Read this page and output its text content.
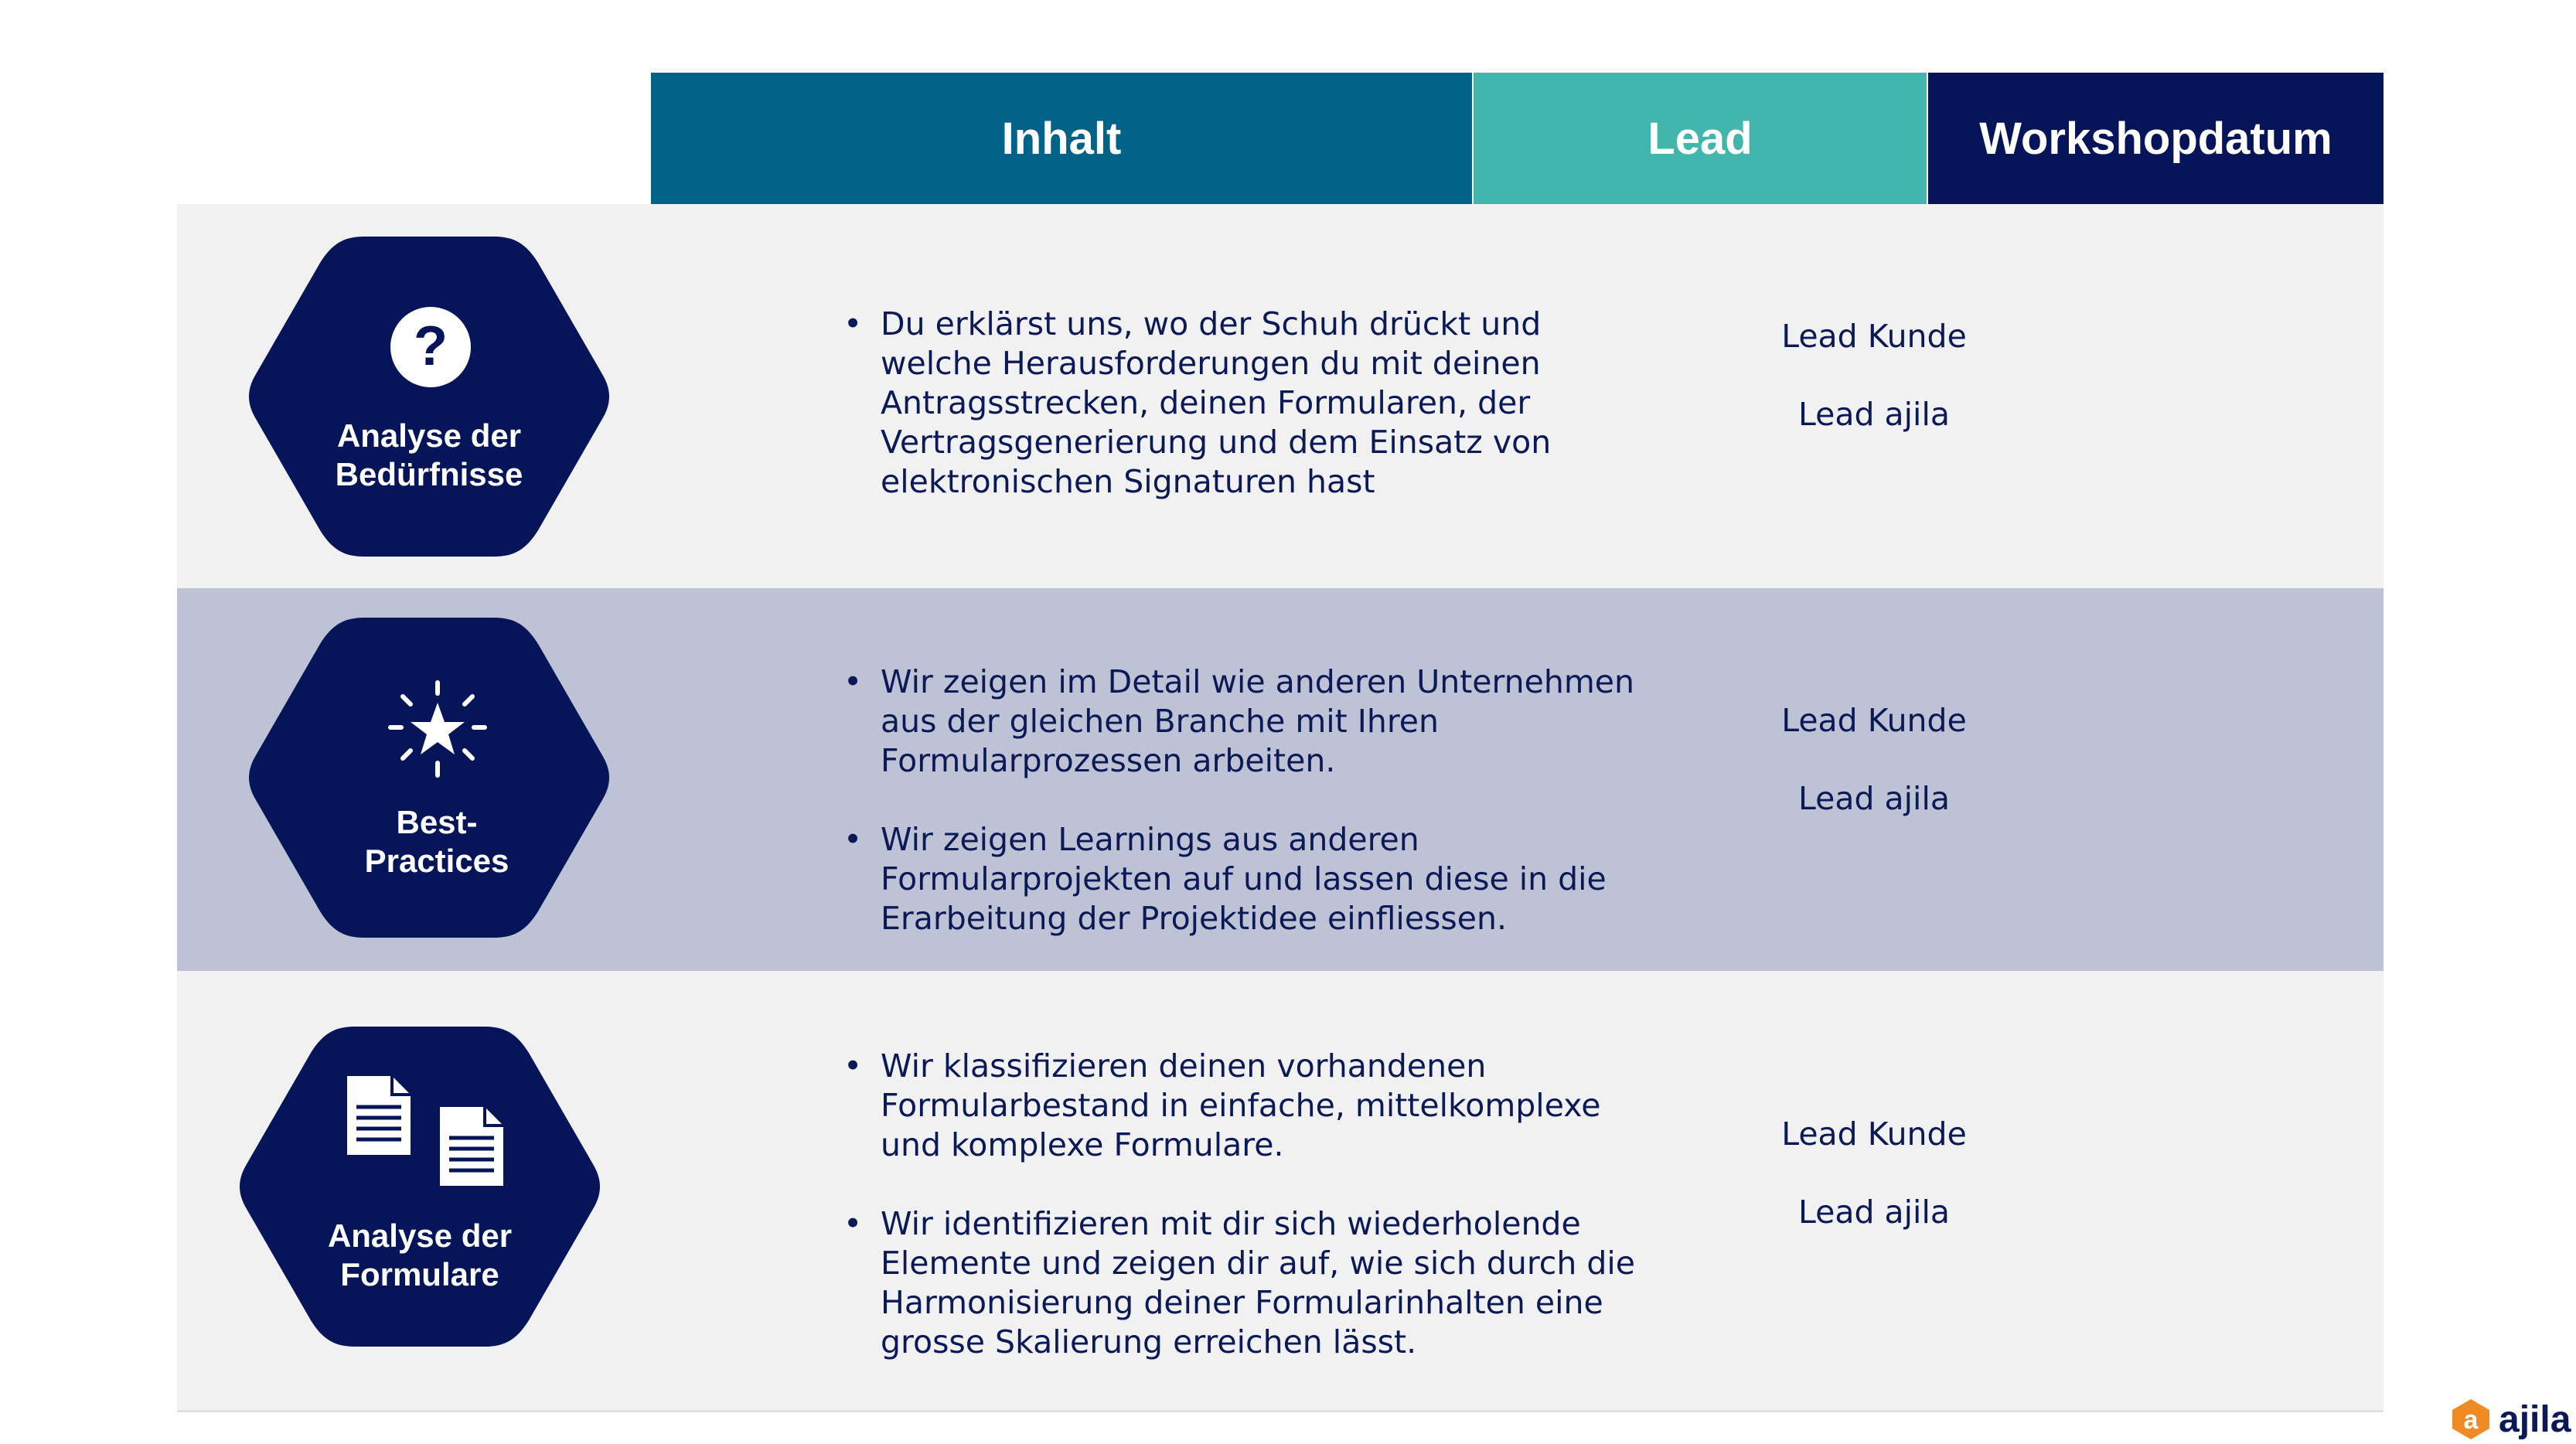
Inhalt	Lead	Workshopdatum
?
Analyse der
Bedürfnisse
• Du erklärst uns, wo der Schuh drückt und welche Herausforderungen du mit deinen Antragsstrecken, deinen Formularen, der Vertragsgenerierung und dem Einsatz von elektronischen Signaturen hast
Lead Kunde
Lead ajila
Best-
Practices
• Wir zeigen im Detail wie anderen Unternehmen aus der gleichen Branche mit Ihren Formularprozessen arbeiten.
• Wir zeigen Learnings aus anderen Formularprojekten auf und lassen diese in die Erarbeitung der Projektidee einfliessen.
Lead Kunde
Lead ajila
Analyse der
Formulare
• Wir klassifizieren deinen vorhandenen Formularbestand in einfache, mittelkomplexe und komplexe Formulare.
• Wir identifizieren mit dir sich wiederholende Elemente und zeigen dir auf, wie sich durch die Harmonisierung deiner Formularinhalten eine grosse Skalierung erreichen lässt.
Lead Kunde
Lead ajila
a ajila
